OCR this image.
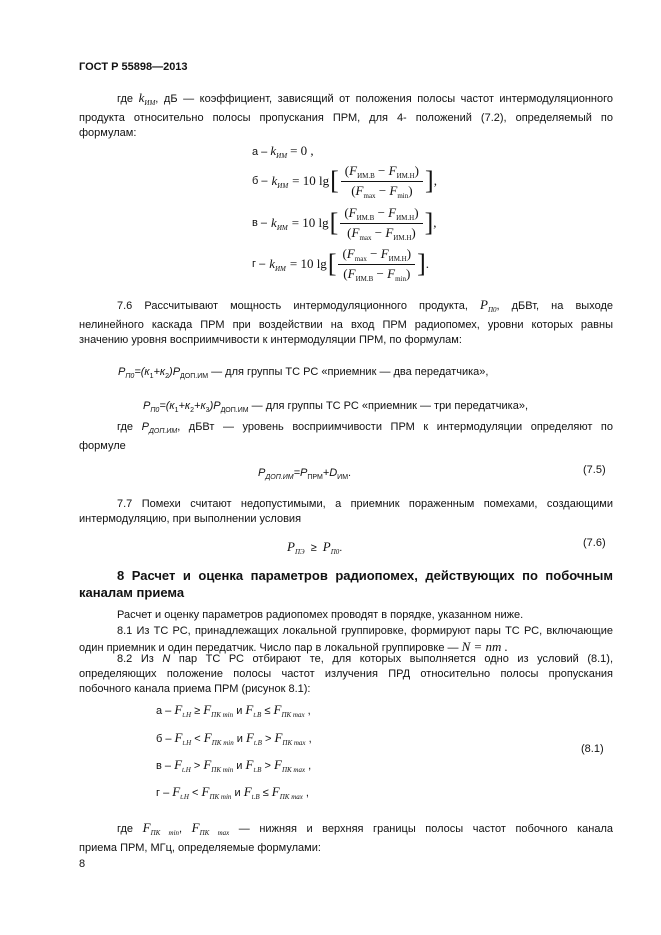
ГОСТ Р 55898—2013
где $k_{ИМ}$, дБ — коэффициент, зависящий от положения полосы частот интермодуляционного
продукта относительно полосы пропускания ПРМ, для 4- положений (7.2), определяемый по
формулам:
$а - k_{ИМ} = 0$ ,
$б - k_{ИМ} = 10$ lg [ $\frac{(F_{ИМ.В} - F_{ИМ.Н})}{(F_{max} - F_{min})}$ ] ,
$в - k_{ИМ} = 10$ lg [ $\frac{(F_{ИМ.В} - F_{ИМ.Н})}{(F_{max} - F_{ИМ.Н})}$ ] ,
$г - k_{ИМ} = 10$ lg [ $\frac{(F_{max} - F_{ИМ.Н})}{(F_{ИМ.В} - F_{min})}$ ] .
7.6 Рассчитывают мощность интермодуляционного продукта, $P_{П0}$, дБВт, на выходе
нелинейного каскада ПРМ при воздействии на вход ПРМ радиопомех, уровни которых равны
значению уровня восприимчивости к интермодуляции ПРМ, по формулам:
$P_{П0}=(к_1+к_2)P_{ДОП.ИМ}$ — для группы ТС РС «приемник — два передатчика»,
$P_{П0}=(к_1+к_2+к_3)P_{ДОП.ИМ}$ — для группы ТС РС «приемник — три передатчика»,
где $P_{ДОП.ИМ}$, дБВт — уровень восприимчивости ПРМ к интермодуляции определяют по
формуле
$P_{ДОП.ИМ}=P_{ПРМ}+D_{ИМ}$.	(7.5)
7.7 Помехи считают недопустимыми, а приемник пораженным помехами, создающими
интермодуляцию, при выполнении условия
$P_{ПЭ} \ge P_{П0}$.	(7.6)
8 Расчет и оценка параметров радиопомех, действующих по побочным
каналам приема
Расчет и оценку параметров радиопомех проводят в порядке, указанном ниже.
8.1 Из ТС РС, принадлежащих локальной группировке, формируют пары ТС РС, включающие
один приемник и один передатчик. Число пар в локальной группировке — N = nm .
8.2 Из N пар ТС РС отбирают те, для которых выполняется одно из условий (8.1),
определяющих положение полосы частот излучения ПРД относительно полосы пропускания
побочного канала приема ПРМ (рисунок 8.1):
$а - F_{t.H} \ge F_{ПК min}$ и $F_{t.B} \le F_{ПК max}$ ,
$б - F_{t.H} < F_{ПК min}$ и $F_{t.B} > F_{ПК max}$ ,
$в - F_{t.H} > F_{ПК min}$ и $F_{t.B} > F_{ПК max}$ ,
$г - F_{t.H} < F_{ПК min}$ и $F_{t.B} \le F_{ПК max}$ ,
(8.1)
где $F_{ПК min}$, $F_{ПК max}$ — нижняя и верхняя границы полосы частот побочного канала
приема ПРМ, МГц, определяемые формулами:
8
